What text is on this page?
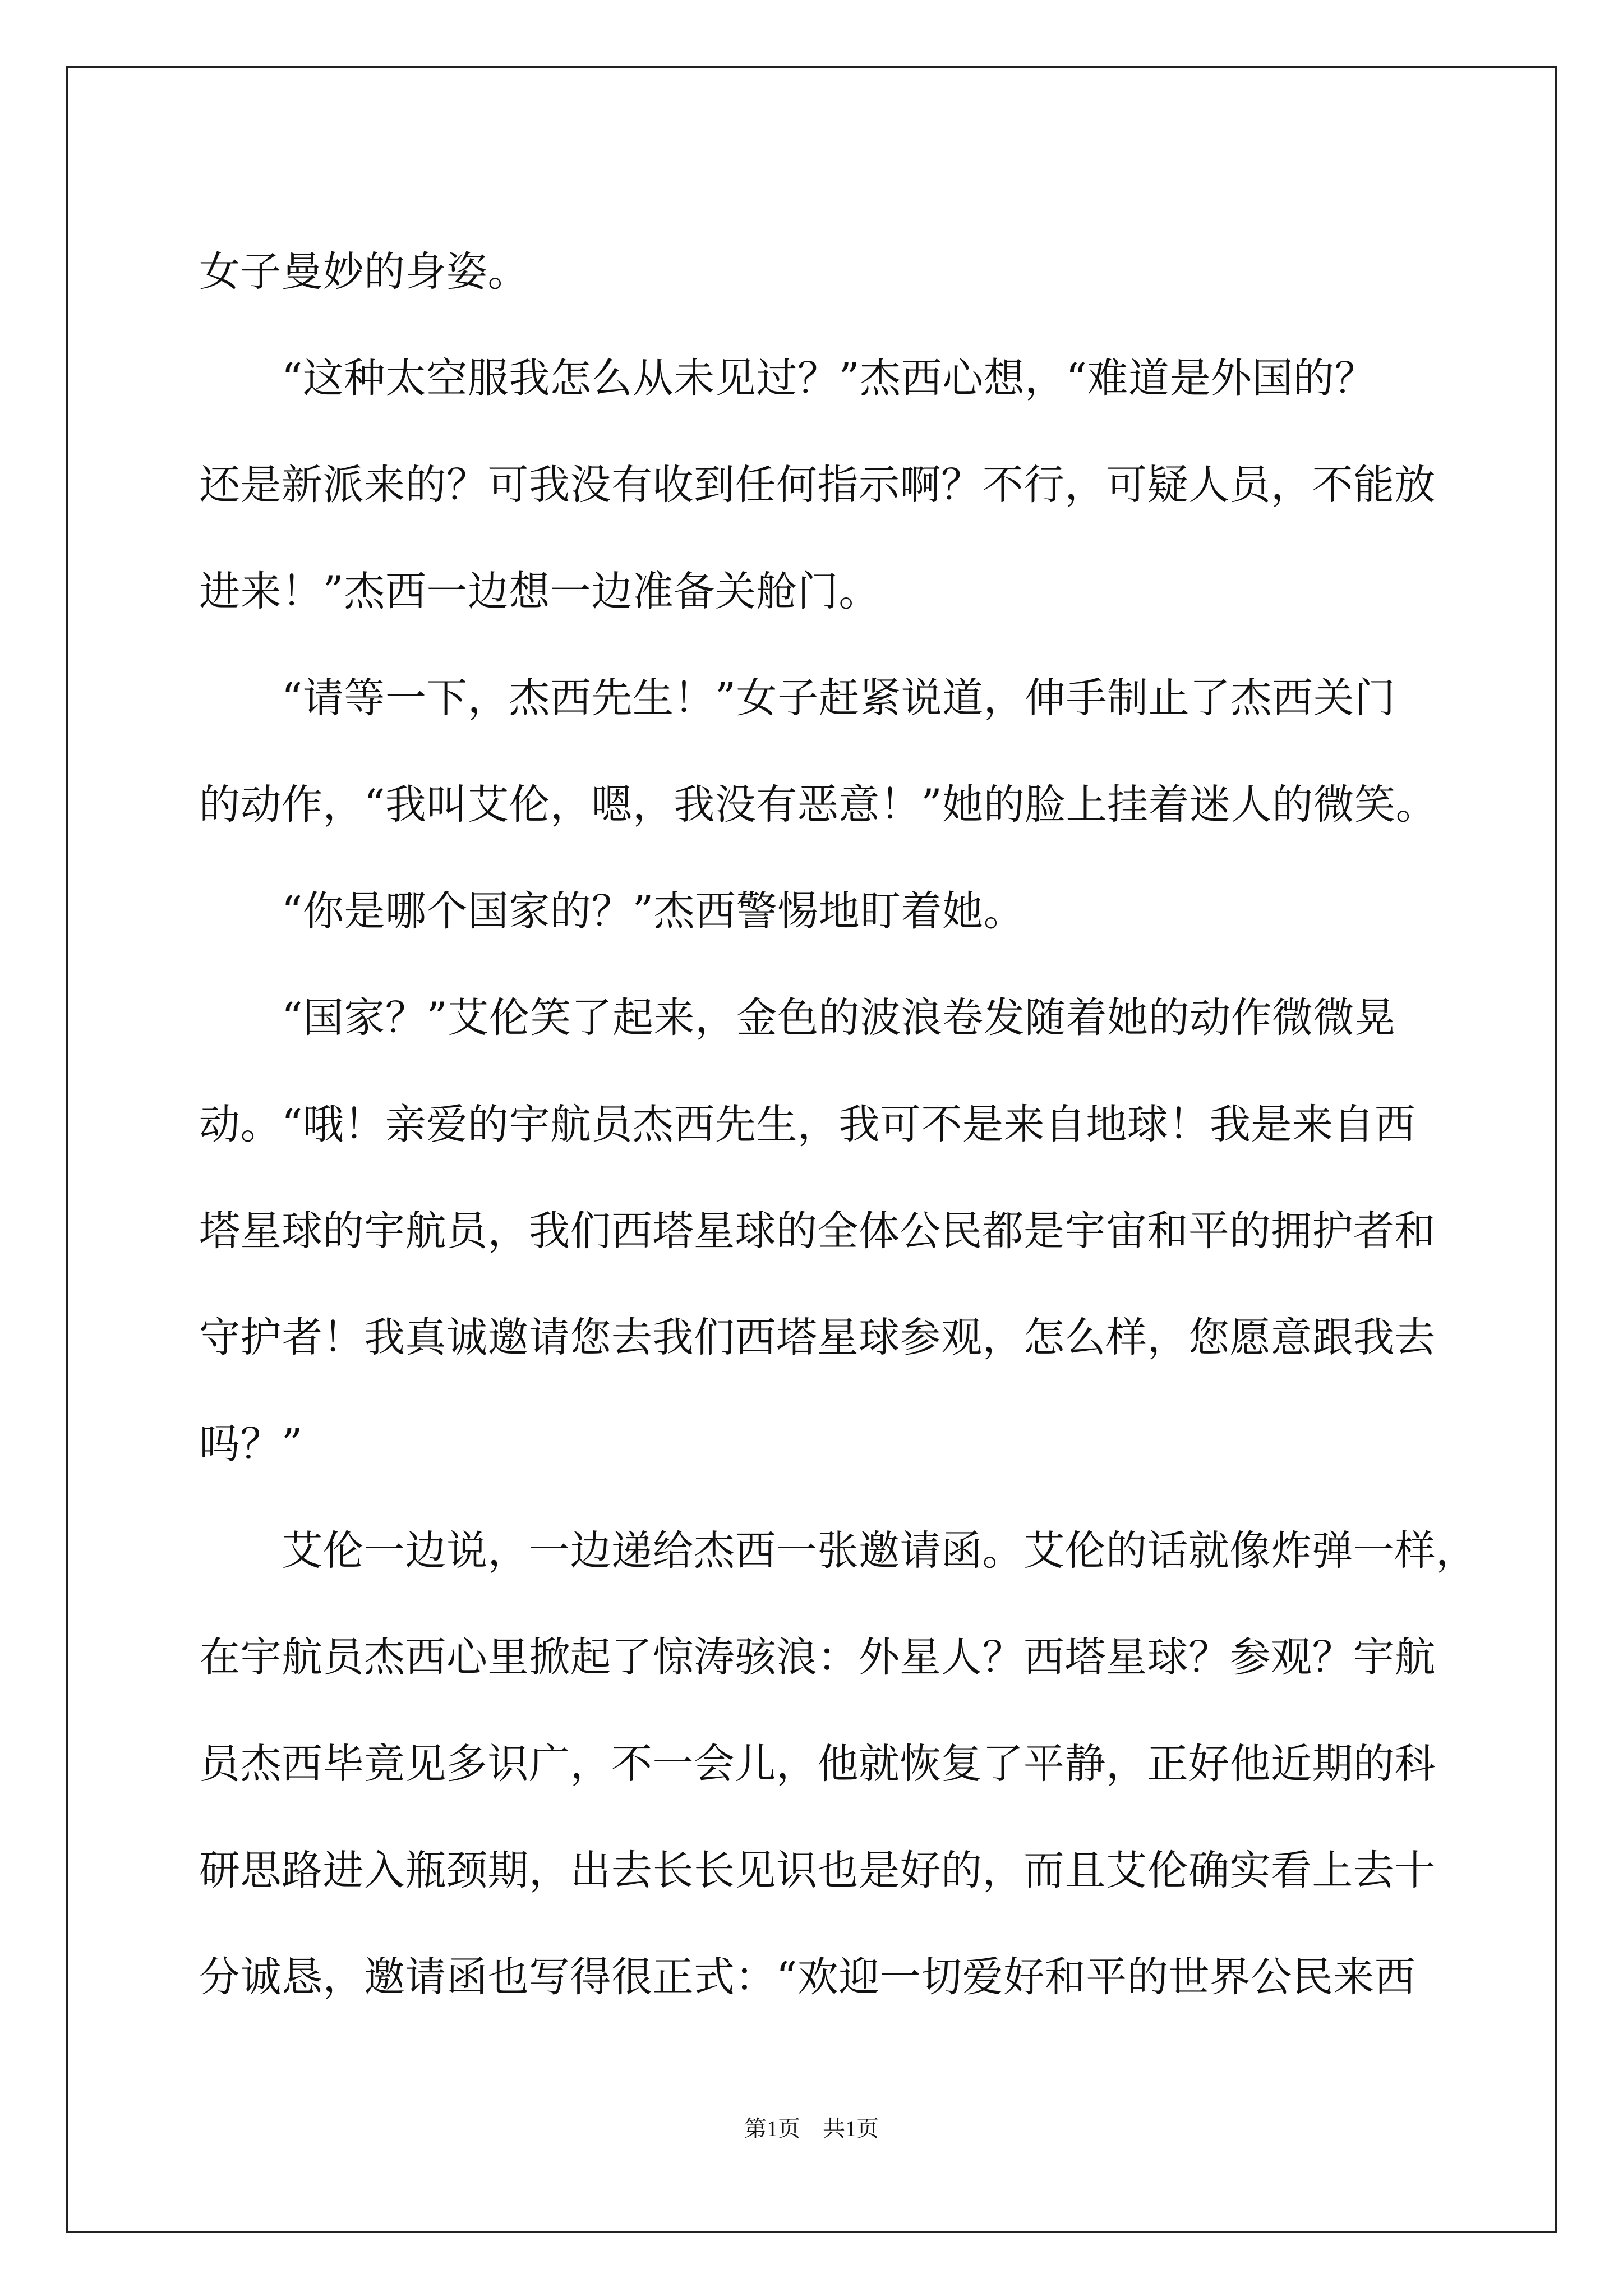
女子曼妙的身姿。
　　“这种太空服我怎么从未见过？”杰西心想，“难道是外国的？
还是新派来的？可我没有收到任何指示啊？不行，可疑人员，不能放
进来！”杰西一边想一边准备关舱门。
　　“请等一下，杰西先生！”女子赶紧说道，伸手制止了杰西关门
的动作，“我叫艾伦，嗯，我没有恶意！”她的脸上挂着迷人的微笑。
　　“你是哪个国家的？”杰西警惕地盯着她。
　　“国家？”艾伦笑了起来，金色的波浪卷发随着她的动作微微晃
动。“哦！亲爱的宇航员杰西先生，我可不是来自地球！我是来自西
塔星球的宇航员，我们西塔星球的全体公民都是宇宙和平的拥护者和
守护者！我真诚邀请您去我们西塔星球参观，怎么样，您愿意跟我去
吗？”
　　艾伦一边说，一边递给杰西一张邀请函。艾伦的话就像炸弹一样，
在宇航员杰西心里掀起了惊涛骇浪：外星人？西塔星球？参观？宇航
员杰西毕竟见多识广，不一会儿，他就恢复了平静，正好他近期的科
研思路进入瓶颈期，出去长长见识也是好的，而且艾伦确实看上去十
分诚恳，邀请函也写得很正式：“欢迎一切爱好和平的世界公民来西
第1页 共1页
